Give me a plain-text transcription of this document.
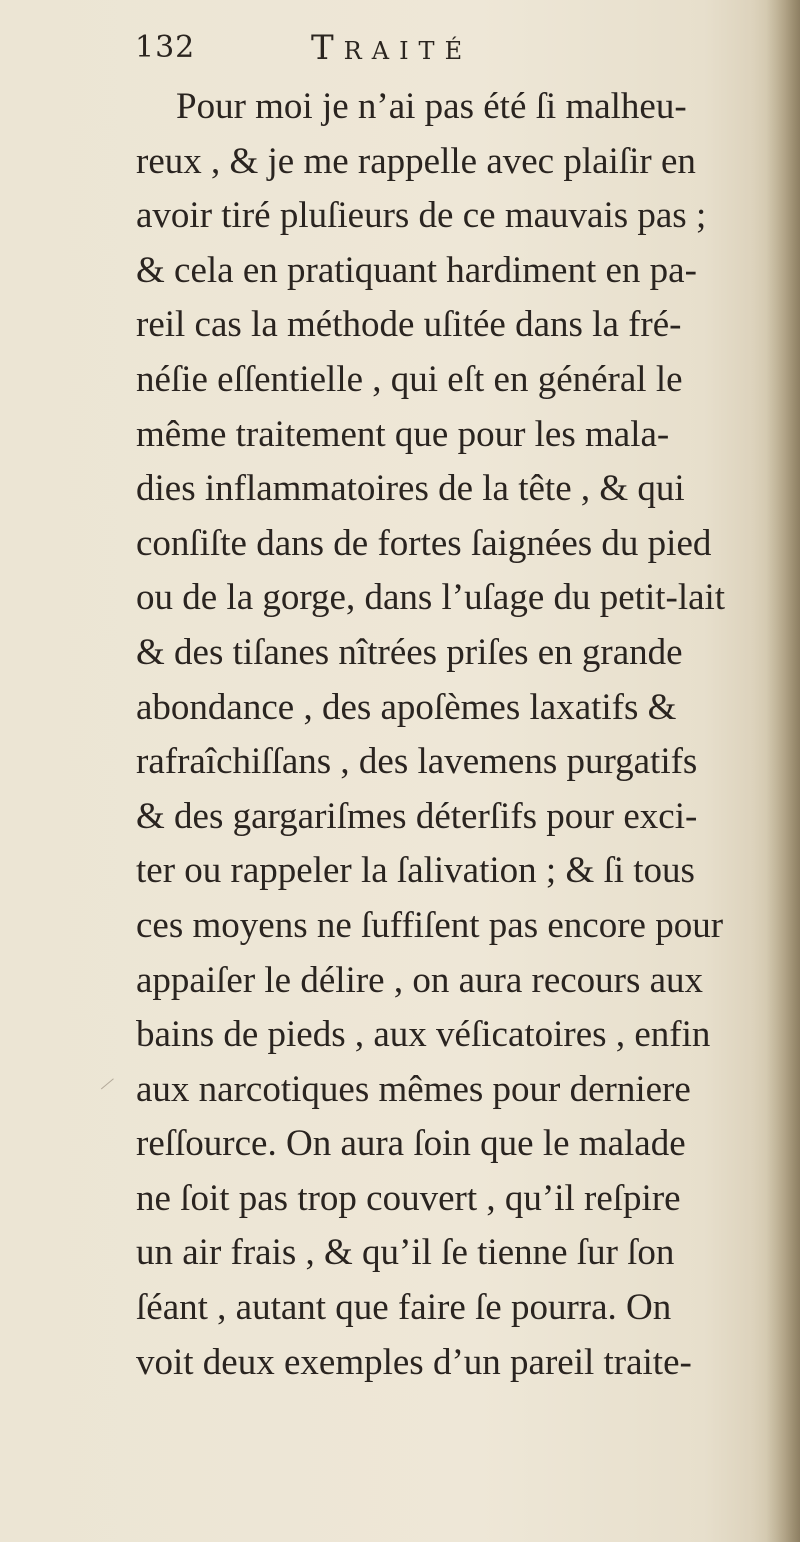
132	Traité
Pour moi je n’ai pas été ſi malheu-
reux , & je me rappelle avec plaiſir en
avoir tiré pluſieurs de ce mauvais pas ;
& cela en pratiquant hardiment en pa-
reil cas la méthode uſitée dans la fré-
néſie eſſentielle , qui eſt en général le
même traitement que pour les mala-
dies inflammatoires de la tête , & qui
conſiſte dans de fortes ſaignées du pied
ou de la gorge, dans l’uſage du petit-lait
& des tiſanes nîtrées priſes en grande
abondance , des apoſèmes laxatifs &
rafraîchiſſans , des lavemens purgatifs
& des gargariſmes déterſifs pour exci-
ter ou rappeler la ſalivation ; & ſi tous
ces moyens ne ſuffiſent pas encore pour
appaiſer le délire , on aura recours aux
bains de pieds , aux véſicatoires , enfin
aux narcotiques mêmes pour derniere
reſſource. On aura ſoin que le malade
ne ſoit pas trop couvert , qu’il reſpire
un air frais , & qu’il ſe tienne ſur ſon
ſéant , autant que faire ſe pourra. On
voit deux exemples d’un pareil traite-
